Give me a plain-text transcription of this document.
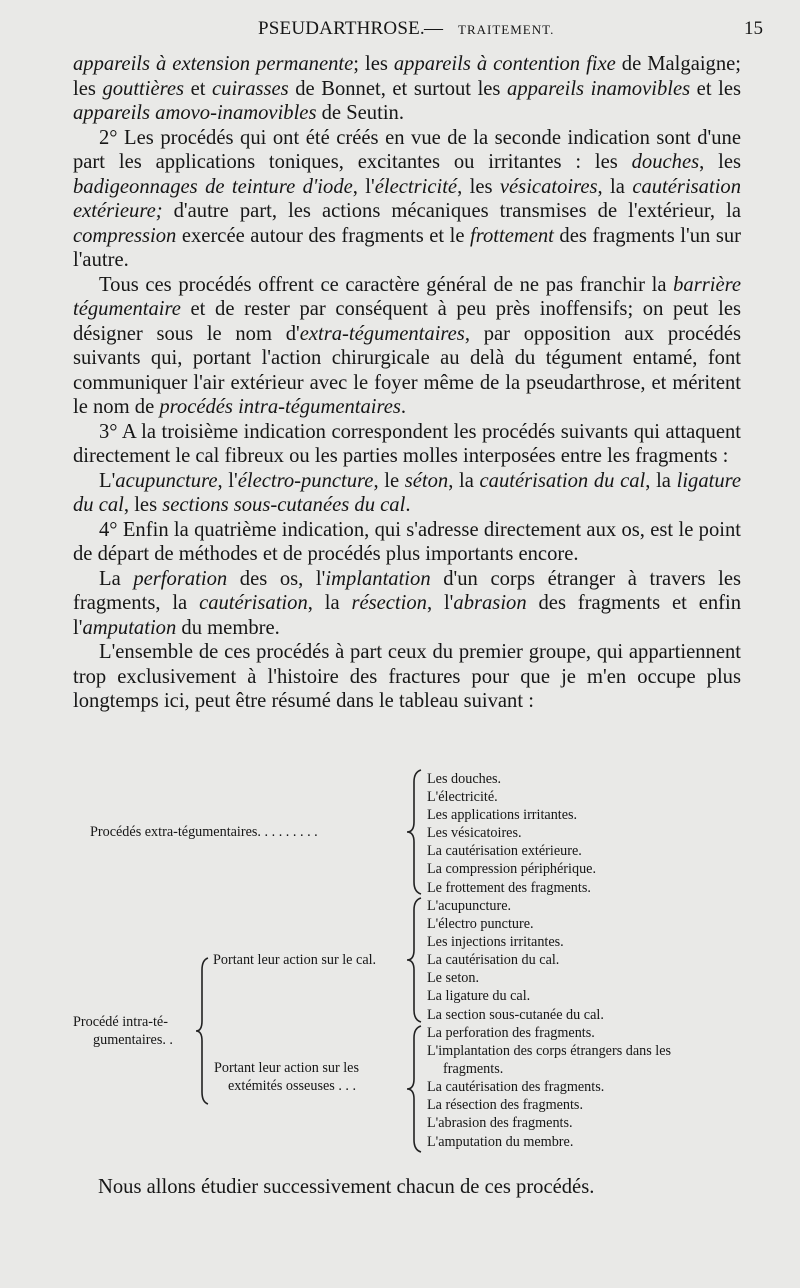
PSEUDARTHROSE. — TRAITEMENT.	15

appareils à extension permanente; les appareils à contention fixe de Malgaigne; les gouttières et cuirasses de Bonnet, et surtout les appareils inamovibles et les appareils amovo-inamovibles de Seutin.

2° Les procédés qui ont été créés en vue de la seconde indication sont d'une part les applications toniques, excitantes ou irritantes : les douches, les badigeonnages de teinture d'iode, l'électricité, les vésicatoires, la cautérisation extérieure; d'autre part, les actions mécaniques transmises de l'extérieur, la compression exercée autour des fragments et le frottement des fragments l'un sur l'autre.

Tous ces procédés offrent ce caractère général de ne pas franchir la barrière tégumentaire et de rester par conséquent à peu près inoffensifs; on peut les désigner sous le nom d'extra-tégumentaires, par opposition aux procédés suivants qui, portant l'action chirurgicale au delà du tégument entamé, font communiquer l'air extérieur avec le foyer même de la pseudarthrose, et méritent le nom de procédés intra-tégumentaires.

3° A la troisième indication correspondent les procédés suivants qui attaquent directement le cal fibreux ou les parties molles interposées entre les fragments :

L'acupuncture, l'électro-puncture, le séton, la cautérisation du cal, la ligature du cal, les sections sous-cutanées du cal.

4° Enfin la quatrième indication, qui s'adresse directement aux os, est le point de départ de méthodes et de procédés plus importants encore.

La perforation des os, l'implantation d'un corps étranger à travers les fragments, la cautérisation, la résection, l'abrasion des fragments et enfin l'amputation du membre.

L'ensemble de ces procédés à part ceux du premier groupe, qui appartiennent trop exclusivement à l'histoire des fractures pour que je m'en occupe plus longtemps ici, peut être résumé dans le tableau suivant :

Procédés extra-tégumentaires. . . . . . . . .
Les douches.
L'électricité.
Les applications irritantes.
Les vésicatoires.
La cautérisation extérieure.
La compression périphérique.
Le frottement des fragments.
Procédé intra-té-
gumentaires. .
Portant leur action sur le cal.
L'acupuncture.
L'électro puncture.
Les injections irritantes.
La cautérisation du cal.
Le seton.
La ligature du cal.
La section sous-cutanée du cal.
Portant leur action sur les
extémités osseuses . . .
La perforation des fragments.
L'implantation des corps étrangers dans les
fragments.
La cautérisation des fragments.
La résection des fragments.
L'abrasion des fragments.
L'amputation du membre.
Nous allons étudier successivement chacun de ces procédés.
